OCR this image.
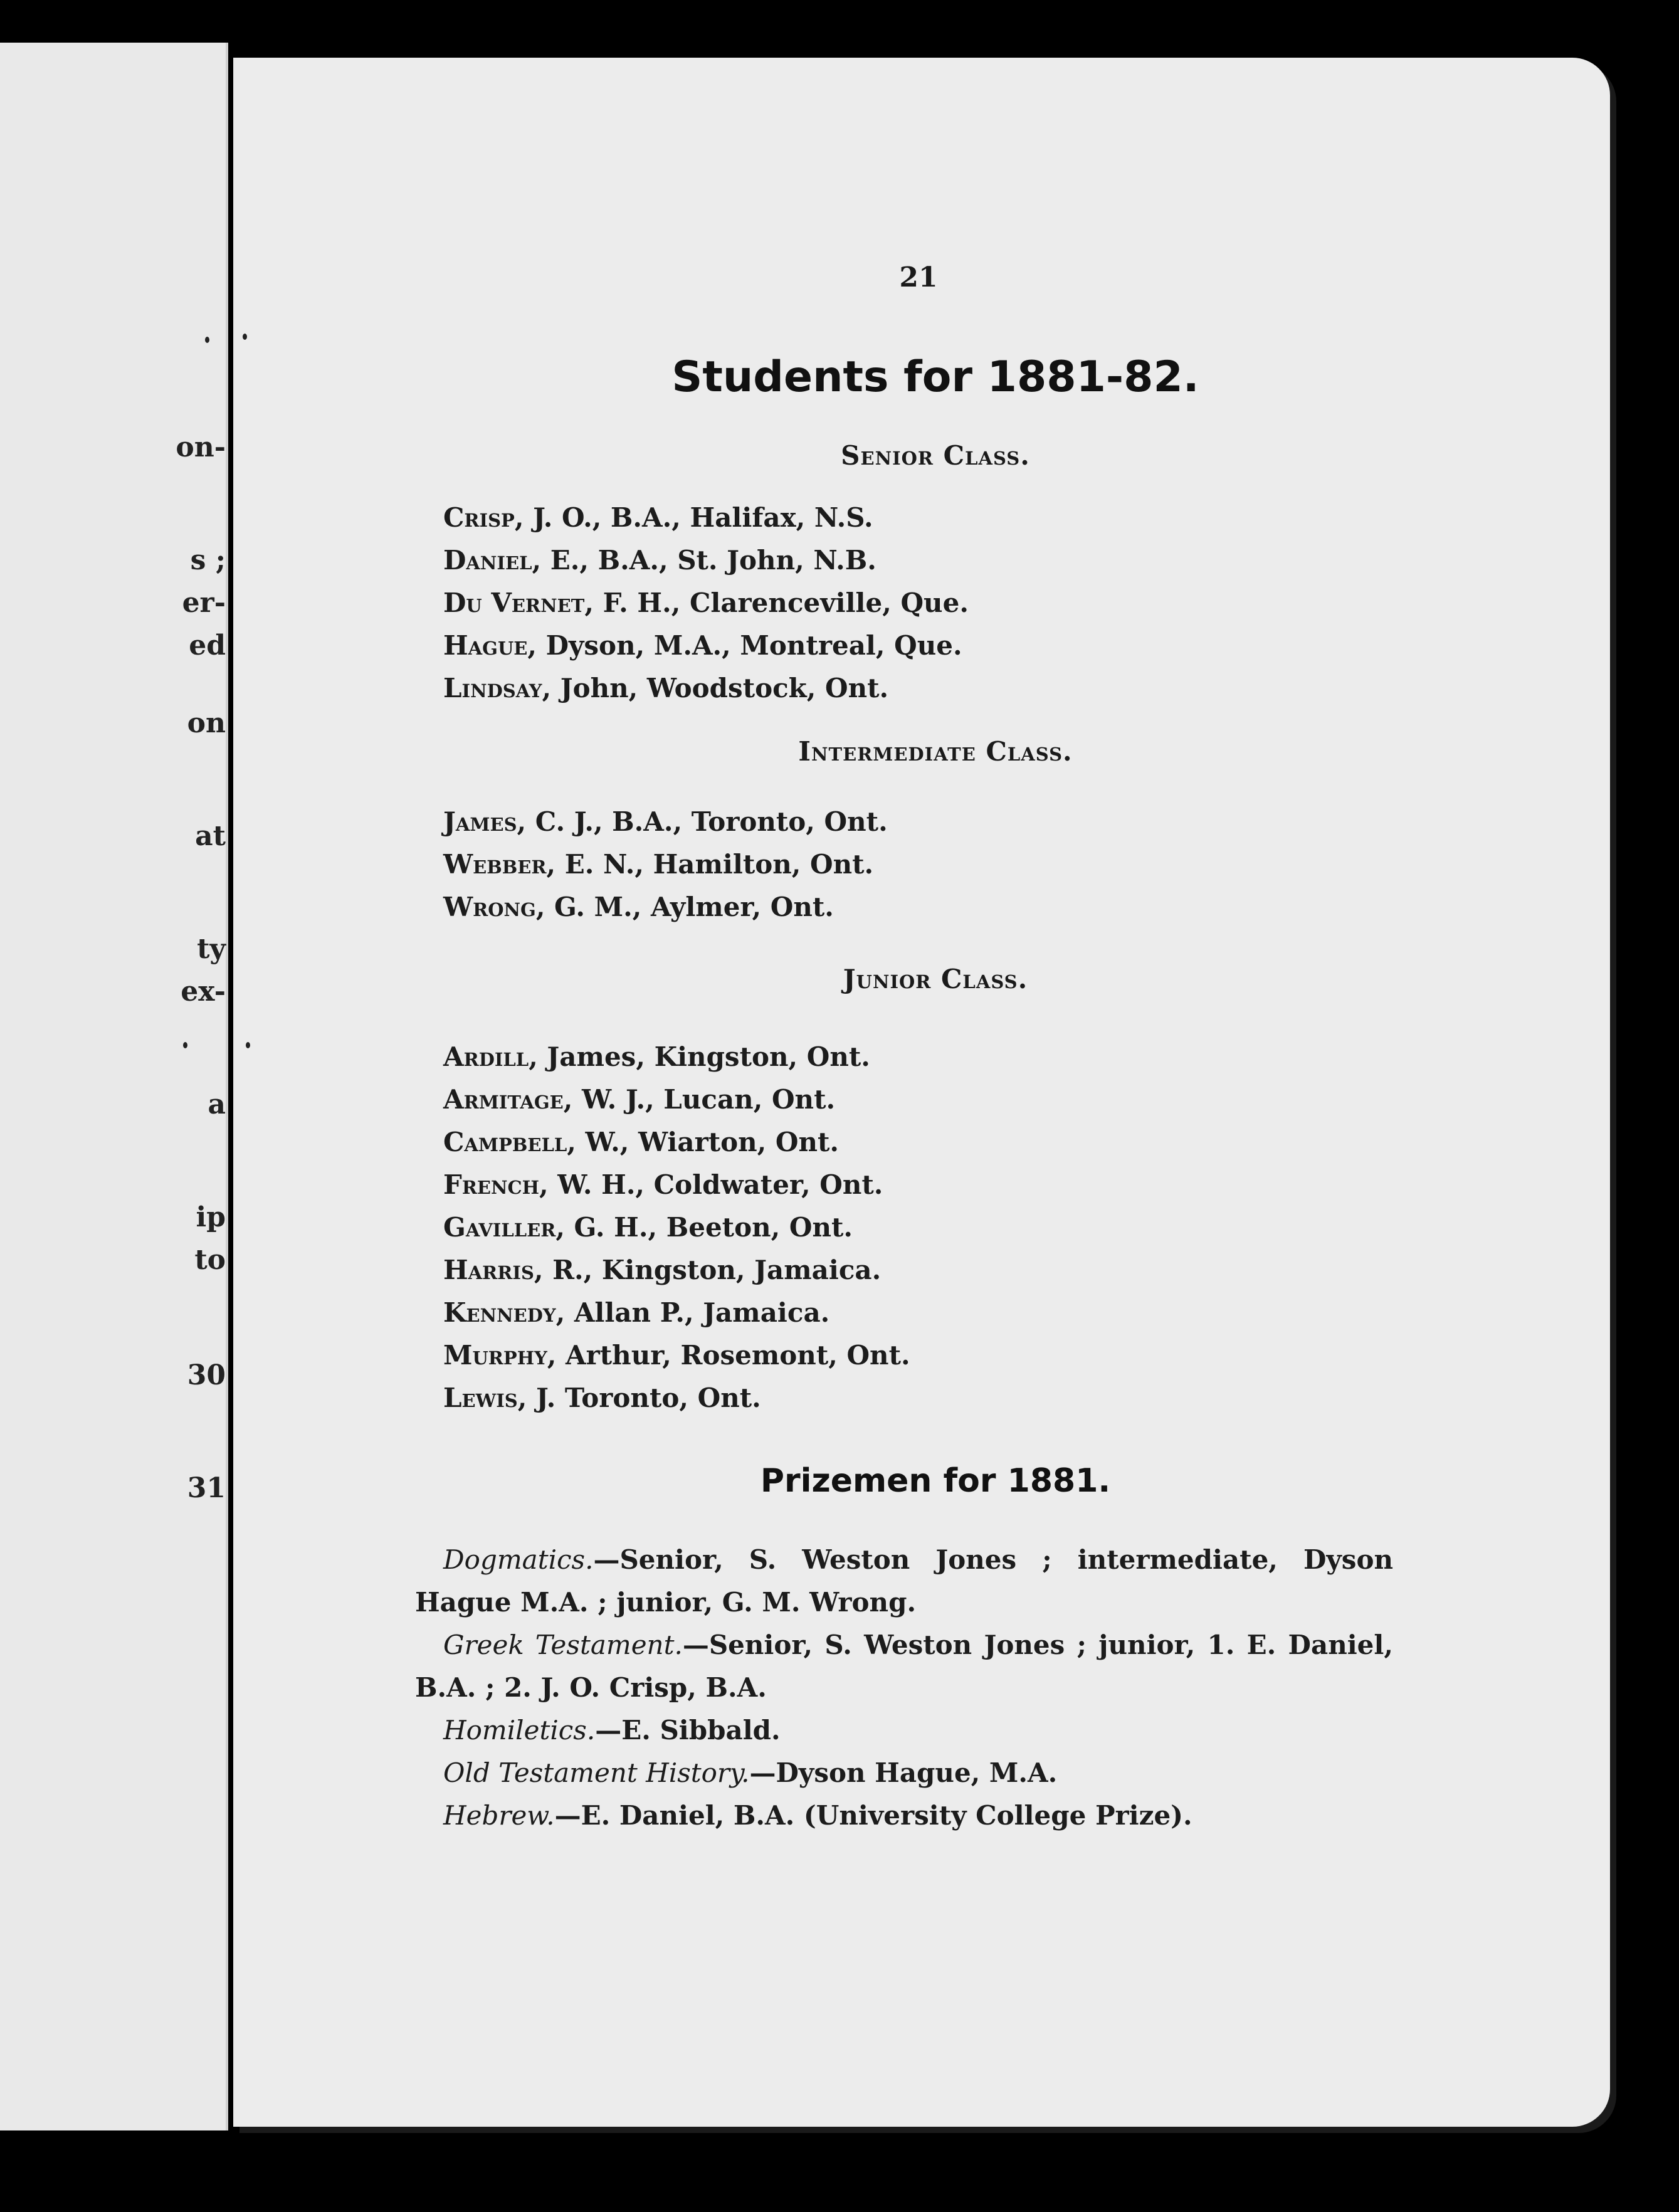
on-
s ;
er-
ed
on
at
ty
ex-
a
ip
to
30
31
21
Students for 1881-82.
Senior Class.
Crisp, J. O., B.A., Halifax, N.S.
Daniel, E., B.A., St. John, N.B.
Du Vernet, F. H., Clarenceville, Que.
Hague, Dyson, M.A., Montreal, Que.
Lindsay, John, Woodstock, Ont.
Intermediate Class.
James, C. J., B.A., Toronto, Ont.
Webber, E. N., Hamilton, Ont.
Wrong, G. M., Aylmer, Ont.
Junior Class.
Ardill, James, Kingston, Ont.
Armitage, W. J., Lucan, Ont.
Campbell, W., Wiarton, Ont.
French, W. H., Coldwater, Ont.
Gaviller, G. H., Beeton, Ont.
Harris, R., Kingston, Jamaica.
Kennedy, Allan P., Jamaica.
Murphy, Arthur, Rosemont, Ont.
Lewis, J. Toronto, Ont.
Prizemen for 1881.
Dogmatics.—Senior, S. Weston Jones ; intermediate, Dyson Hague M.A. ; junior, G. M. Wrong.
Greek Testament.—Senior, S. Weston Jones ; junior, 1. E. Daniel, B.A. ; 2. J. O. Crisp, B.A.
Homiletics.—E. Sibbald.
Old Testament History.—Dyson Hague, M.A.
Hebrew.—E. Daniel, B.A. (University College Prize).
